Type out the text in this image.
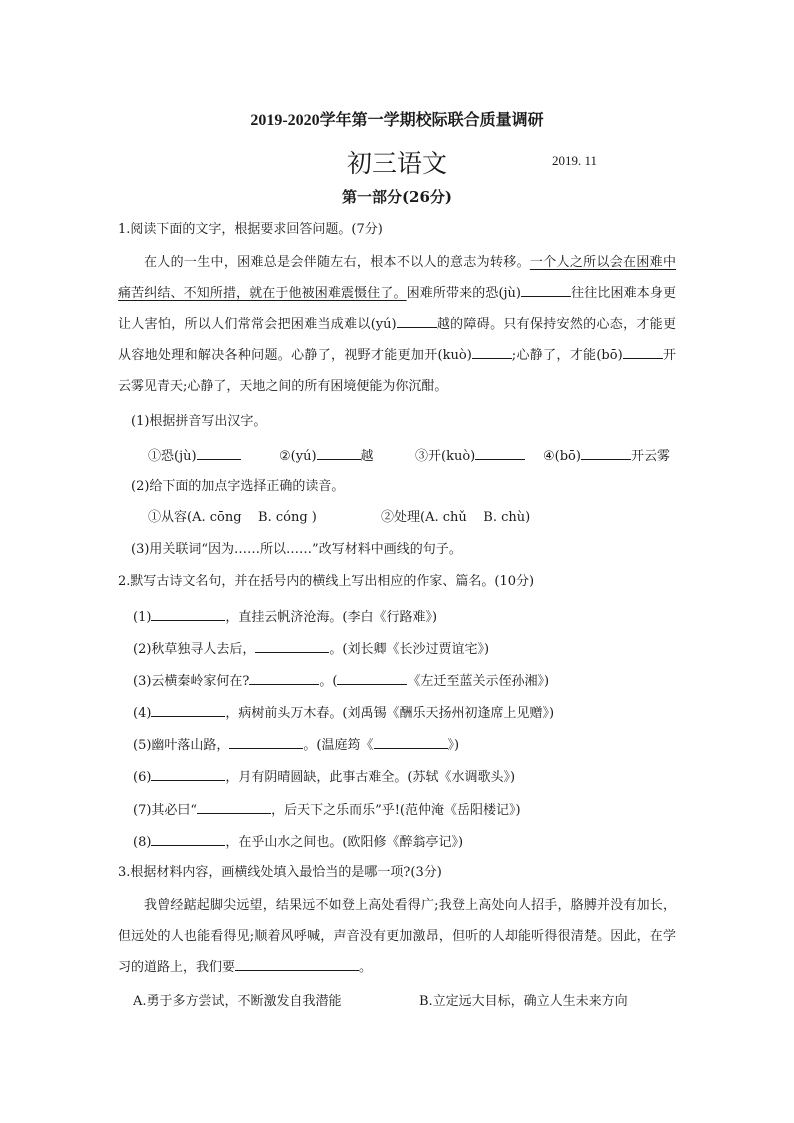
2019-2020学年第一学期校际联合质量调研
初三语文	2019. 11
第一部分(26分)
1.阅读下面的文字，根据要求回答问题。(7分)
在人的一生中，困难总是会伴随左右，根本不以人的意志为转移。一个人之所以会在困难中痛苦纠结、不知所措，就在于他被困难震慑住了。困难所带来的恐(jù)	往往比困难本身更让人害怕，所以人们常常会把困难当成难以(yú)	越的障碍。只有保持安然的心态，才能更从容地处理和解决各种问题。心静了，视野才能更加开(kuò)	;心静了，才能(bō)	开云雾见青天;心静了，天地之间的所有困境便能为你沉酣。
(1)根据拼音写出汉字。
①恐(jù)	②(yú)	越	③开(kuò)	④(bō)	开云雾
(2)给下面的加点字选择正确的读音。
①从容(A. cōng    B. cóng )	②处理(A. chǔ    B. chù)
(3)用关联词“因为……所以……”改写材料中画线的句子。
2.默写古诗文名句，并在括号内的横线上写出相应的作家、篇名。(10分)
(1)	，直挂云帆济沧海。(李白《行路难》)
(2)秋草独寻人去后，	。(刘长卿《长沙过贾谊宅》)
(3)云横秦岭家何在?	。(	《左迁至蓝关示侄孙湘》)
(4)	，病树前头万木春。(刘禹锡《酬乐天扬州初逢席上见赠》)
(5)幽叶落山路，	。(温庭筠《	》)
(6)	，月有阴晴圆缺，此事古难全。(苏轼《水调歌头》)
(7)其必曰“	，后天下之乐而乐”乎!(范仲淹《岳阳楼记》)
(8)	，在乎山水之间也。(欧阳修《醉翁亭记》)
3.根据材料内容，画横线处填入最恰当的是哪一项?(3分)
我曾经踮起脚尖远望，结果远不如登上高处看得广;我登上高处向人招手，胳膊并没有加长，但远处的人也能看得见;顺着风呼喊，声音没有更加激昂，但听的人却能听得很清楚。因此，在学习的道路上，我们要	。
A.勇于多方尝试，不断激发自我潜能	B.立定远大目标，确立人生未来方向
